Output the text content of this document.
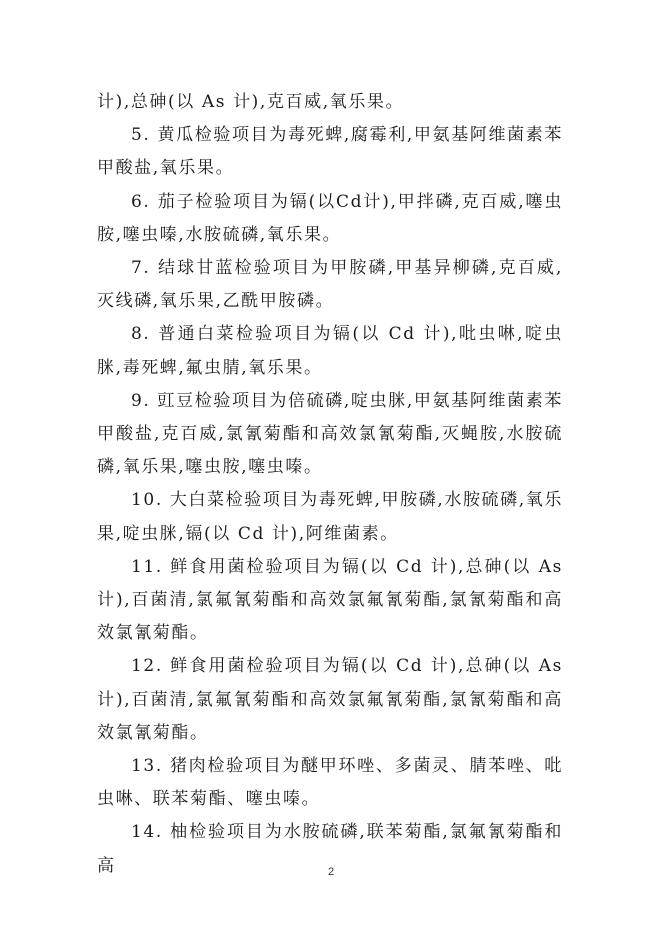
计),总砷(以 As 计),克百威,氧乐果。

5. 黄瓜检验项目为毒死蜱,腐霉利,甲氨基阿维菌素苯甲酸盐,氧乐果。

6. 茄子检验项目为镉(以Cd计),甲拌磷,克百威,噻虫胺,噻虫嗪,水胺硫磷,氧乐果。

7. 结球甘蓝检验项目为甲胺磷,甲基异柳磷,克百威,灭线磷,氧乐果,乙酰甲胺磷。

8. 普通白菜检验项目为镉(以 Cd 计),吡虫啉,啶虫脒,毒死蜱,氟虫腈,氧乐果。

9. 豇豆检验项目为倍硫磷,啶虫脒,甲氨基阿维菌素苯甲酸盐,克百威,氯氰菊酯和高效氯氰菊酯,灭蝇胺,水胺硫磷,氧乐果,噻虫胺,噻虫嗪。

10. 大白菜检验项目为毒死蜱,甲胺磷,水胺硫磷,氧乐果,啶虫脒,镉(以 Cd 计),阿维菌素。

11. 鲜食用菌检验项目为镉(以 Cd 计),总砷(以 As 计),百菌清,氯氟氰菊酯和高效氯氟氰菊酯,氯氰菊酯和高效氯氰菊酯。

12. 鲜食用菌检验项目为镉(以 Cd 计),总砷(以 As 计),百菌清,氯氟氰菊酯和高效氯氟氰菊酯,氯氰菊酯和高效氯氰菊酯。

13. 猪肉检验项目为醚甲环唑、多菌灵、腈苯唑、吡虫啉、联苯菊酯、噻虫嗪。

14. 柚检验项目为水胺硫磷,联苯菊酯,氯氟氰菊酯和高	2
